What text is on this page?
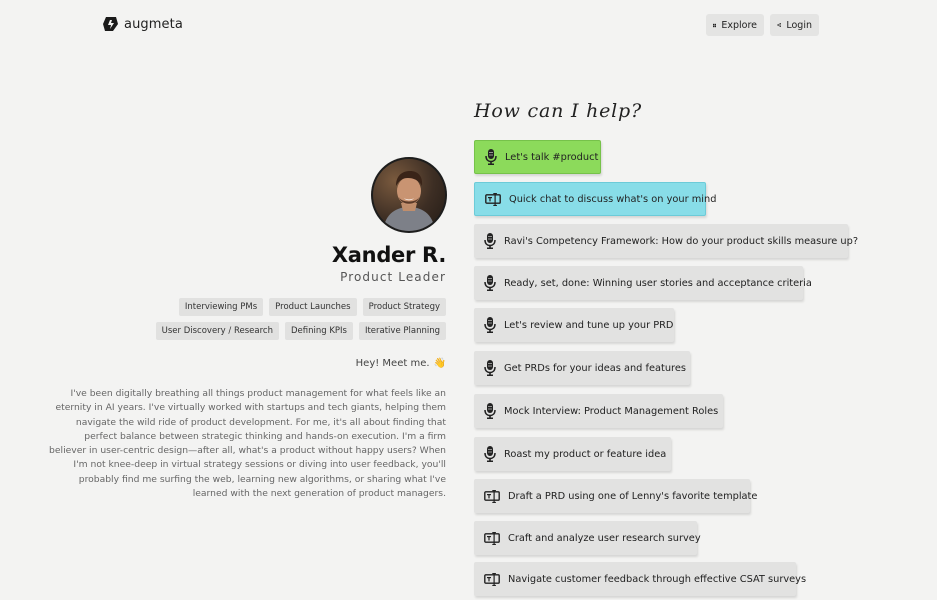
augmeta	Explore	Login
Xander R.
Product Leader
Interviewing PMs	Product Launches	Product Strategy
User Discovery / Research	Defining KPIs	Iterative Planning
Hey! Meet me. 👋
I've been digitally breathing all things product management for what feels like an eternity in AI years. I've virtually worked with startups and tech giants, helping them navigate the wild ride of product development. For me, it's all about finding that perfect balance between strategic thinking and hands-on execution. I'm a firm believer in user-centric design—after all, what's a product without happy users? When I'm not knee-deep in virtual strategy sessions or diving into user feedback, you'll probably find me surfing the web, learning new algorithms, or sharing what I've learned with the next generation of product managers.
How can I help?
Let's talk #product
Quick chat to discuss what's on your mind
Ravi's Competency Framework: How do your product skills measure up?
Ready, set, done: Winning user stories and acceptance criteria
Let's review and tune up your PRD
Get PRDs for your ideas and features
Mock Interview: Product Management Roles
Roast my product or feature idea
Draft a PRD using one of Lenny's favorite template
Craft and analyze user research survey
Navigate customer feedback through effective CSAT surveys
